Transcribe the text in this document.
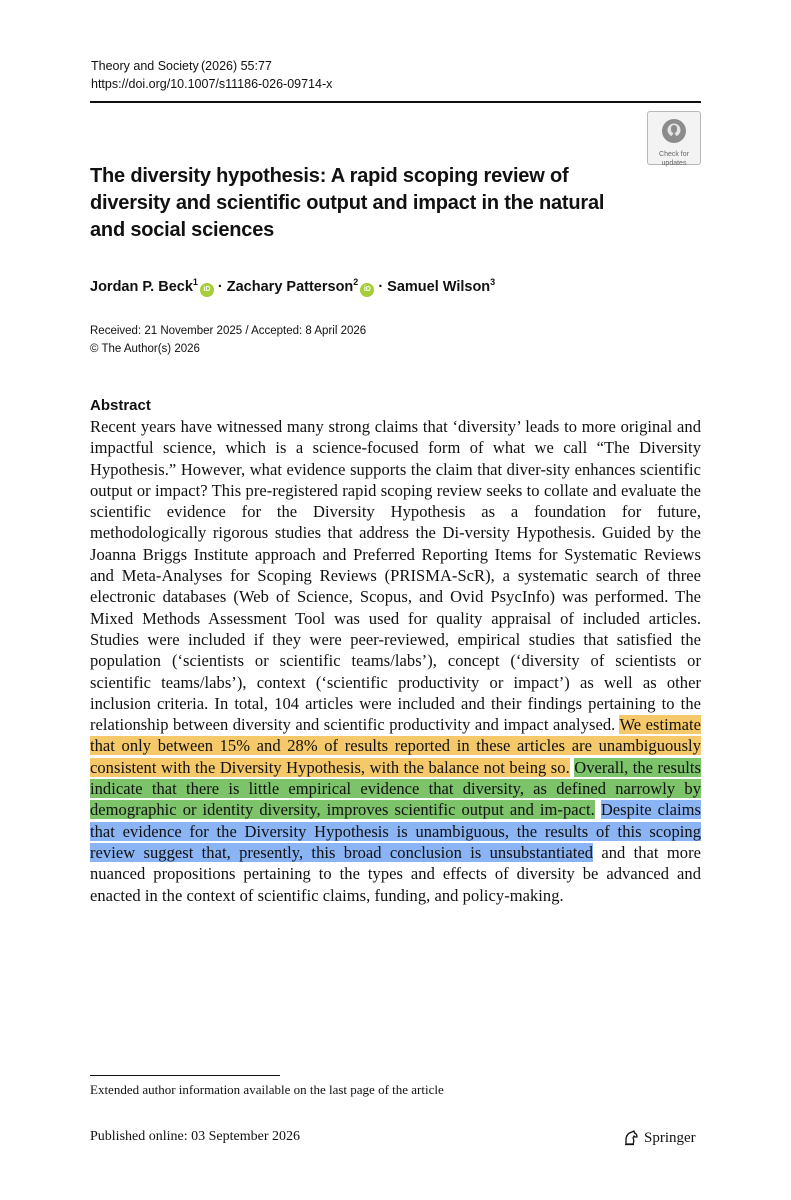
Theory and Society (2026) 55:77
https://doi.org/10.1007/s11186-026-09714-x
Check for
updates
The diversity hypothesis: A rapid scoping review of diversity and scientific output and impact in the natural and social sciences
Jordan P. Beck$^1$iD · Zachary Patterson$^2$iD · Samuel Wilson$^3$
Received: 21 November 2025 / Accepted: 8 April 2026
© The Author(s) 2026
Abstract

Recent years have witnessed many strong claims that ‘diversity’ leads to more original and impactful science, which is a science-focused form of what we call “The Diversity Hypothesis.” However, what evidence supports the claim that diver-sity enhances scientific output or impact? This pre-registered rapid scoping review seeks to collate and evaluate the scientific evidence for the Diversity Hypothesis as a foundation for future, methodologically rigorous studies that address the Di-versity Hypothesis. Guided by the Joanna Briggs Institute approach and Preferred Reporting Items for Systematic Reviews and Meta-Analyses for Scoping Reviews (PRISMA-ScR), a systematic search of three electronic databases (Web of Science, Scopus, and Ovid PsycInfo) was performed. The Mixed Methods Assessment Tool was used for quality appraisal of included articles. Studies were included if they were peer-reviewed, empirical studies that satisfied the population (‘scientists or scientific teams/labs’), concept (‘diversity of scientists or scientific teams/labs’), context (‘scientific productivity or impact’) as well as other inclusion criteria. In total, 104 articles were included and their findings pertaining to the relationship between diversity and scientific productivity and impact analysed. We estimate that only between 15% and 28% of results reported in these articles are unambiguously consistent with the Diversity Hypothesis, with the balance not being so. Overall, the results indicate that there is little empirical evidence that diversity, as defined narrowly by demographic or identity diversity, improves scientific output and im-pact. Despite claims that evidence for the Diversity Hypothesis is unambiguous, the results of this scoping review suggest that, presently, this broad conclusion is unsubstantiated and that more nuanced propositions pertaining to the types and effects of diversity be advanced and enacted in the context of scientific claims, funding, and policy-making.

Extended author information available on the last page of the article
Published online: 03 September 2026	Springer
